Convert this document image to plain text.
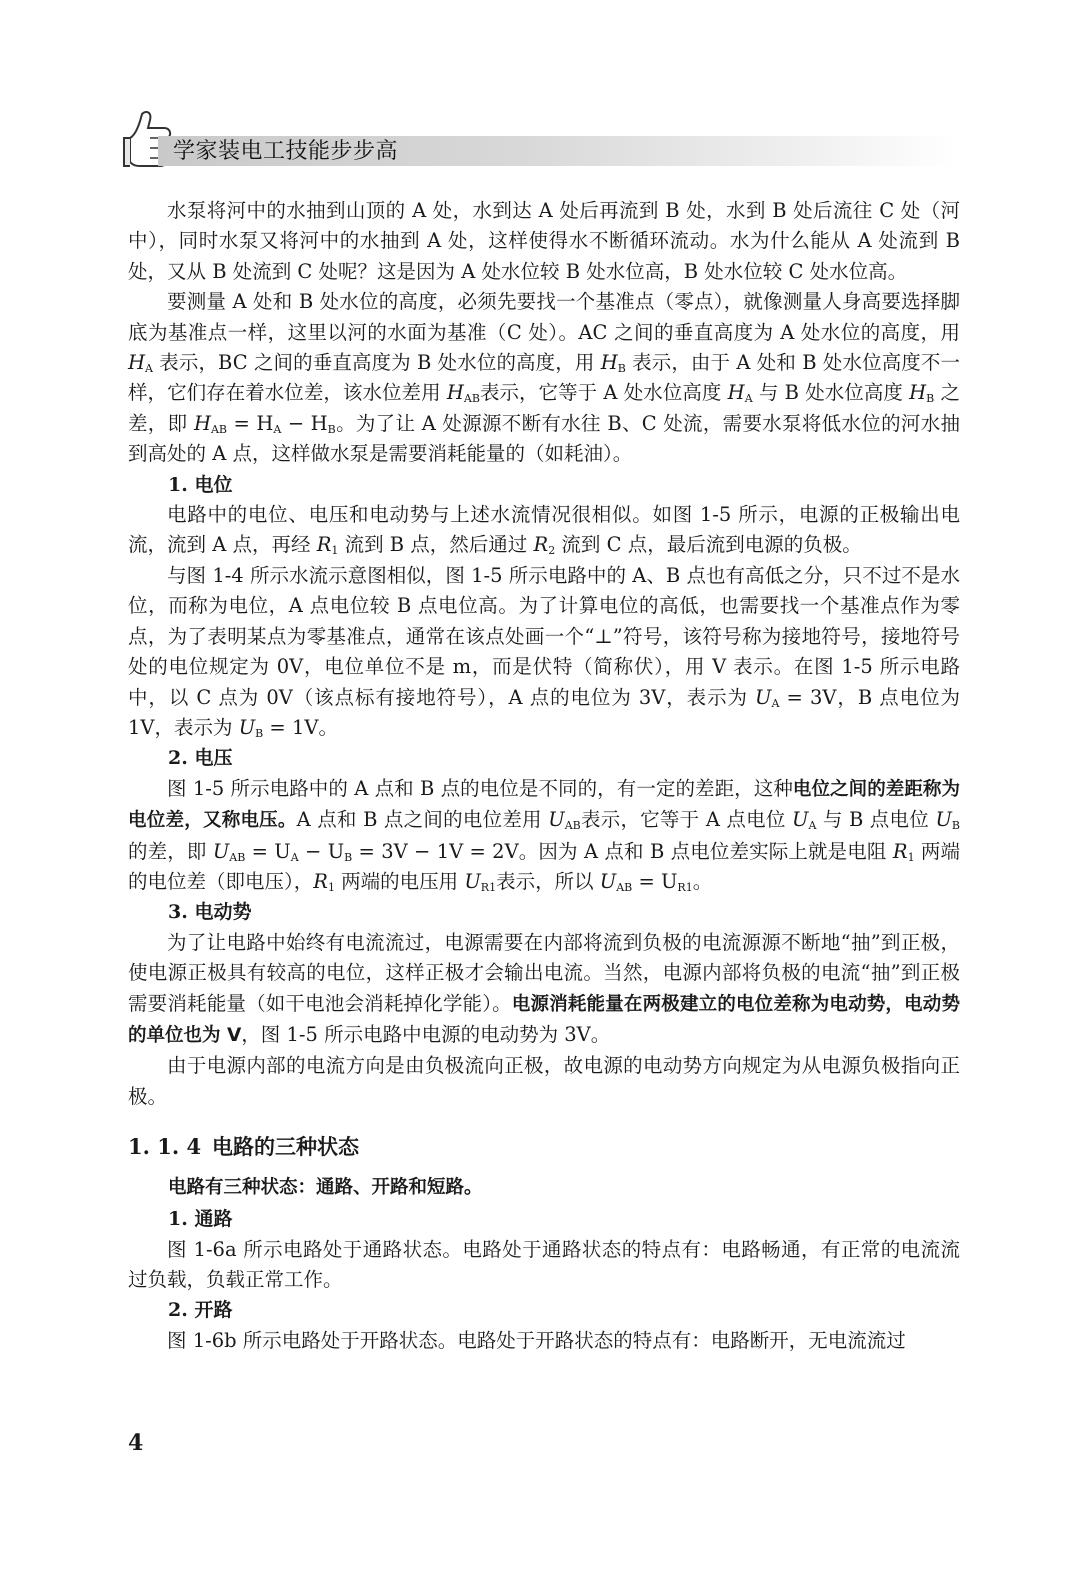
学家装电工技能步步高

水泵将河中的水抽到山顶的 A 处，水到达 A 处后再流到 B 处，水到 B 处后流往 C 处（河中），同时水泵又将河中的水抽到 A 处，这样使得水不断循环流动。水为什么能从 A 处流到 B 处，又从 B 处流到 C 处呢？这是因为 A 处水位较 B 处水位高，B 处水位较 C 处水位高。

要测量 A 处和 B 处水位的高度，必须先要找一个基准点（零点），就像测量人身高要选择脚底为基准点一样，这里以河的水面为基准（C 处）。AC 之间的垂直高度为 A 处水位的高度，用 $H_A$ 表示，BC 之间的垂直高度为 B 处水位的高度，用 $H_B$ 表示，由于 A 处和 B 处水位高度不一样，它们存在着水位差，该水位差用 $H_{AB}$表示，它等于 A 处水位高度 $H_A$ 与 B 处水位高度 $H_B$ 之差，即 $H_{AB} = H_A - H_B$。为了让 A 处源源不断有水往 B、C 处流，需要水泵将低水位的河水抽到高处的 A 点，这样做水泵是需要消耗能量的（如耗油）。

1. 电位

电路中的电位、电压和电动势与上述水流情况很相似。如图 1-5 所示，电源的正极输出电流，流到 A 点，再经 $R_1$ 流到 B 点，然后通过 $R_2$ 流到 C 点，最后流到电源的负极。

与图 1-4 所示水流示意图相似，图 1-5 所示电路中的 A、B 点也有高低之分，只不过不是水位，而称为电位，A 点电位较 B 点电位高。为了计算电位的高低，也需要找一个基准点作为零点，为了表明某点为零基准点，通常在该点处画一个“⊥”符号，该符号称为接地符号，接地符号处的电位规定为 0V，电位单位不是 m，而是伏特（简称伏），用 V 表示。在图 1-5 所示电路中，以 C 点为 0V（该点标有接地符号），A 点的电位为 3V，表示为 $U_A = 3V$，B 点电位为 1V，表示为 $U_B = 1V$。

2. 电压

图 1-5 所示电路中的 A 点和 B 点的电位是不同的，有一定的差距，这种电位之间的差距称为电位差，又称电压。A 点和 B 点之间的电位差用 $U_{AB}$表示，它等于 A 点电位 $U_A$ 与 B 点电位 $U_B$ 的差，即 $U_{AB} = U_A - U_B = 3V - 1V = 2V$。因为 A 点和 B 点电位差实际上就是电阻 $R_1$ 两端的电位差（即电压），$R_1$ 两端的电压用 $U_{R1}$表示，所以 $U_{AB} = U_{R1}$。

3. 电动势

为了让电路中始终有电流流过，电源需要在内部将流到负极的电流源源不断地“抽”到正极，使电源正极具有较高的电位，这样正极才会输出电流。当然，电源内部将负极的电流“抽”到正极需要消耗能量（如干电池会消耗掉化学能）。电源消耗能量在两极建立的电位差称为电动势，电动势的单位也为 V，图 1-5 所示电路中电源的电动势为 3V。

由于电源内部的电流方向是由负极流向正极，故电源的电动势方向规定为从电源负极指向正极。

1. 1. 4 电路的三种状态

电路有三种状态：通路、开路和短路。

1. 通路

图 1-6a 所示电路处于通路状态。电路处于通路状态的特点有：电路畅通，有正常的电流流过负载，负载正常工作。

2. 开路

图 1-6b 所示电路处于开路状态。电路处于开路状态的特点有：电路断开，无电流流过

4
